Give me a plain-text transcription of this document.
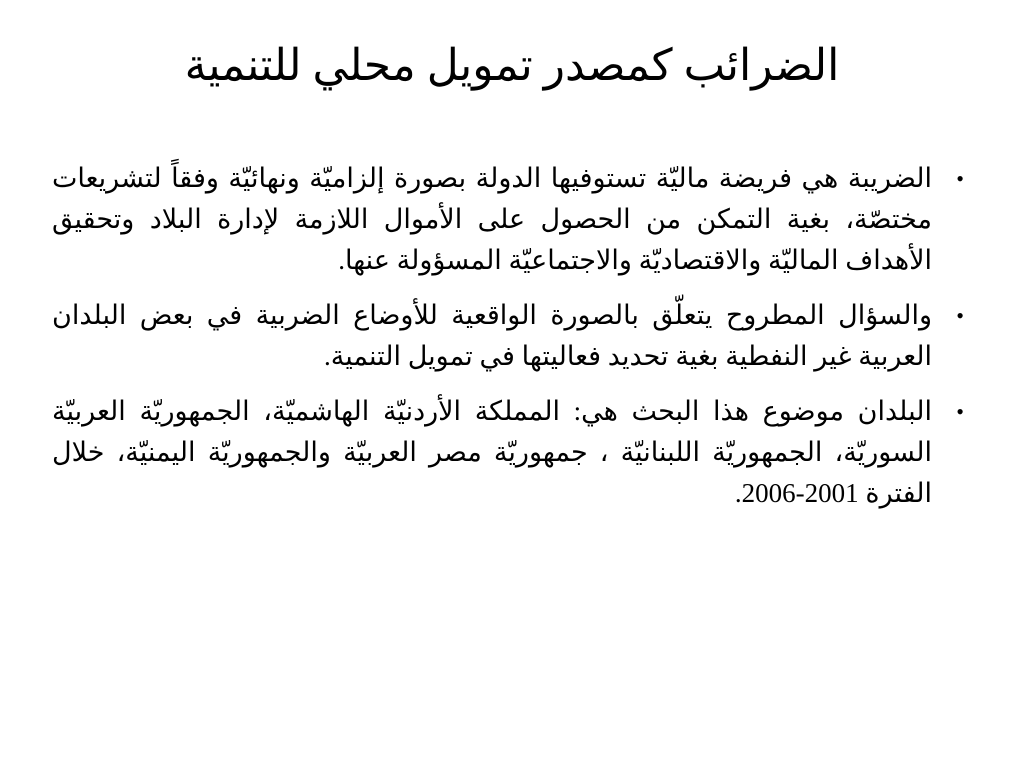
الضرائب كمصدر تمويل محلي للتنمية
•
الضريبة هي فريضة ماليّة تستوفيها الدولة بصورة إلزاميّة ونهائيّة وفقاً لتشريعات مختصّة، بغية التمكن من الحصول على الأموال اللازمة لإدارة البلاد وتحقيق الأهداف الماليّة والاقتصاديّة والاجتماعيّة المسؤولة عنها.
•
والسؤال المطروح يتعلّق بالصورة الواقعية للأوضاع الضربية في بعض البلدان العربية غير النفطية بغية تحديد فعاليتها في تمويل التنمية.
•
البلدان موضوع هذا البحث هي: المملكة الأردنيّة الهاشميّة، الجمهوريّة العربيّة السوريّة، الجمهوريّة اللبنانيّة ، جمهوريّة مصر العربيّة والجمهوريّة اليمنيّة، خلال الفترة 2001-2006.
